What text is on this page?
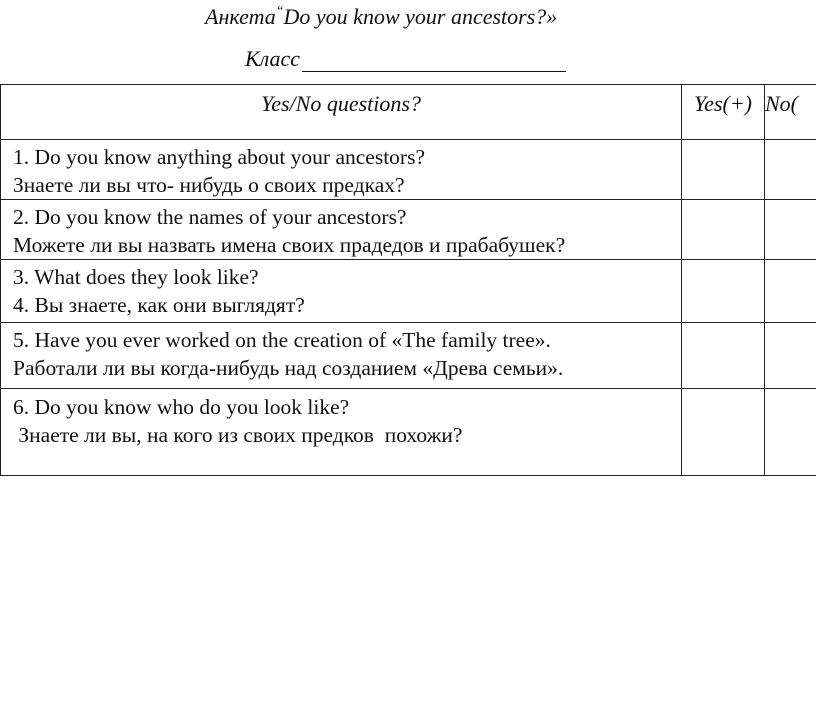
Анкета“Do you know your ancestors?»
Класс
Yes/No questions?	Yes(+)	No(

1. Do you know anything about your ancestors?
Знаете ли вы что- нибудь о своих предках?		

2. Do you know the names of your ancestors?
Можете ли вы назвать имена своих прадедов и прабабушек?		

3. What does they look like?
4. Вы знаете, как они выглядят?		

5. Have you ever worked on the creation of «The family tree».
Работали ли вы когда-нибудь над созданием «Древа семьи».		

6. Do you know who do you look like?
Знаете ли вы, на кого из своих предков  похожи?		
